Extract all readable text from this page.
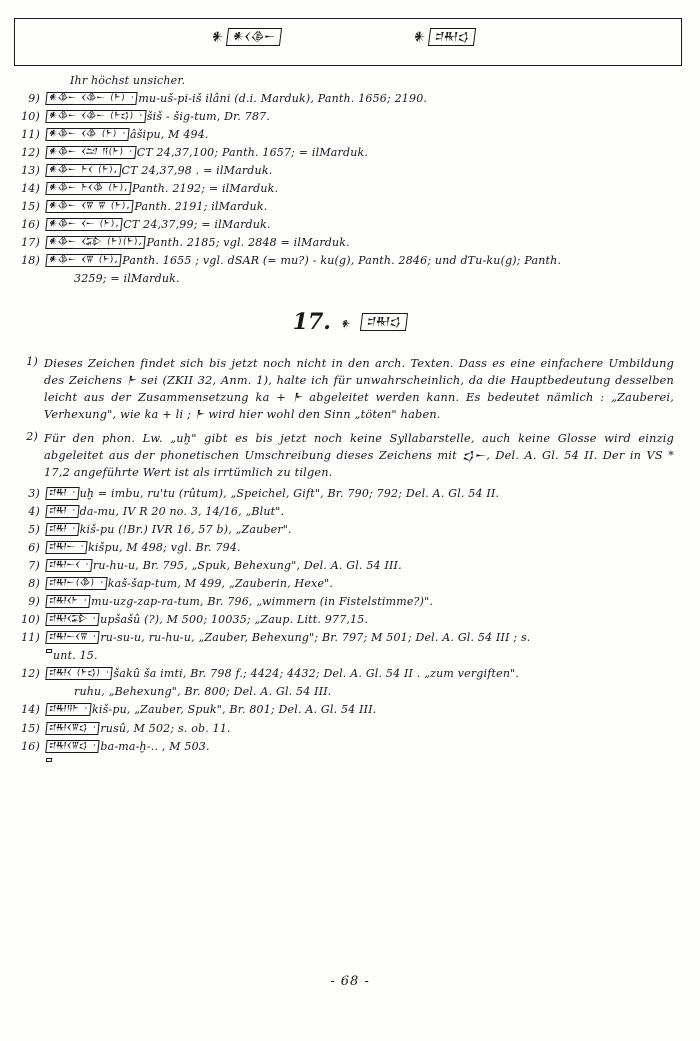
𒀭 𒀭𒌋𒆠𒀸	𒀭 𒄑𒊑𒌓
Ihr höchst unsicher.
9)	𒀭𒆠𒀸 𒌋𒆠𒀸 (𒈨) · mu-uš-pi-iš ilâni (d.i. Marduk), Panth. 1656; 2190.
10)	𒀭𒆠𒀸 𒌋𒆠𒀸 (𒈨𒌓) · šiš - šig-tum, Dr. 787.
11)	𒀭𒆠𒀸 𒌋𒆠 (𒈨) · âšipu, M 494.
12)	𒀭𒆠𒀸 𒌋𒁺 𒀀(𒈨) · CT 24,37,100; Panth. 1657; = ilMarduk.
13)	𒀭𒆠𒀸 𒈨𒌋 (𒈨), CT 24,37,98 . = ilMarduk.
14)	𒀭𒆠𒀸 𒈨𒌋𒆠 (𒈨), Panth. 2192; = ilMarduk.
15)	𒀭𒆠𒀸 𒌋𒐊 𒐊 (𒈨), Panth. 2191; ilMarduk.
16)	𒀭𒆠𒀸 𒌋𒀸 (𒈨), CT 24,37,99; = ilMarduk.
17)	𒀭𒆠𒀸 𒌋𒁉 (𒈨)(𒈨), Panth. 2185; vgl. 2848 = ilMarduk.
18)	𒀭𒆠𒀸 𒌋𒐊 (𒈨), Panth. 1655 ; vgl. dSAR (= mu?) - ku(g), Panth. 2846; und dTu-ku(g); Panth.
3259; = ilMarduk.
17. 𒀭	𒄑𒊑𒌓
1) Dieses Zeichen findet sich bis jetzt noch nicht in den arch. Texten. Dass es eine einfachere Umbildung des Zeichens 𒈨 sei (ZKII 32, Anm. 1), halte ich für unwahrscheinlich, da die Hauptbedeutung desselben leicht aus der Zusammensetzung ka + 𒈨 abgeleitet werden kann. Es bedeutet nämlich : „Zauberei, Verhexung", wie ka + li ; 𒈨 wird hier wohl den Sinn „töten" haben.
2) Für den phon. Lw. „uḫ" gibt es bis jetzt noch keine Syllabarstelle, auch keine Glosse wird einzig abgeleitet aus der phonetischen Umschreibung dieses Zeichens mit 𒌓𒀸, Del. A. Gl. 54 II. Der in VS * 17,2 angeführte Wert ist als irrtümlich zu tilgen.
3)	𒄑𒊑 · uḫ = imbu, ru'tu (rûtum), „Speichel, Gift", Br. 790; 792; Del. A. Gl. 54 II.
4)	𒄑𒊑 · da-mu, IV R 20 no. 3, 14/16, „Blut".
5)	𒄑𒊑 · kiš-pu (!Br.) IVR 16, 57 b), „Zauber".
6)	𒄑𒊑𒀸 · kišpu, M 498; vgl. Br. 794.
7)	𒄑𒊑𒀸𒌋 · ru-hu-u, Br. 795, „Spuk, Behexung", Del. A. Gl. 54 III.
8)	𒄑𒊑𒀸(𒆠) · kaš-šap-tum, M 499, „Zauberin, Hexe".
9)	𒄑𒊑𒌋𒈨 · mu-uzg-zap-ra-tum, Br. 796, „wimmern (in Fistelstimme?)".
10)	𒄑𒊑𒌋𒁉 · upšašû (?), M 500; 10035; „Zaup. Litt. 977,15.
11)	𒄑𒊑𒀸𒌋𒐊 · ru-su-u, ru-hu-u, „Zauber, Behexung"; Br. 797; M 501; Del. A. Gl. 54 III ; s.
unt. 15.
12)	𒄑𒊑𒌋 (𒈨𒌓) · šakû ša imti, Br. 798 f.; 4424; 4432; Del. A. Gl. 54 II . „zum vergiften".
ruhu, „Behexung", Br. 800; Del. A. Gl. 54 III.
14)	𒄑𒊑𒀀𒈨 · kiš-pu, „Zauber, Spuk", Br. 801; Del. A. Gl. 54 III.
15)	𒄑𒊑𒌋𒐊𒌓 · rusû, M 502; s. ob. 11.
16)	𒄑𒊑𒌋𒐊𒌓 · ba-ma-ḫ-.. , M 503.
- 68 -
